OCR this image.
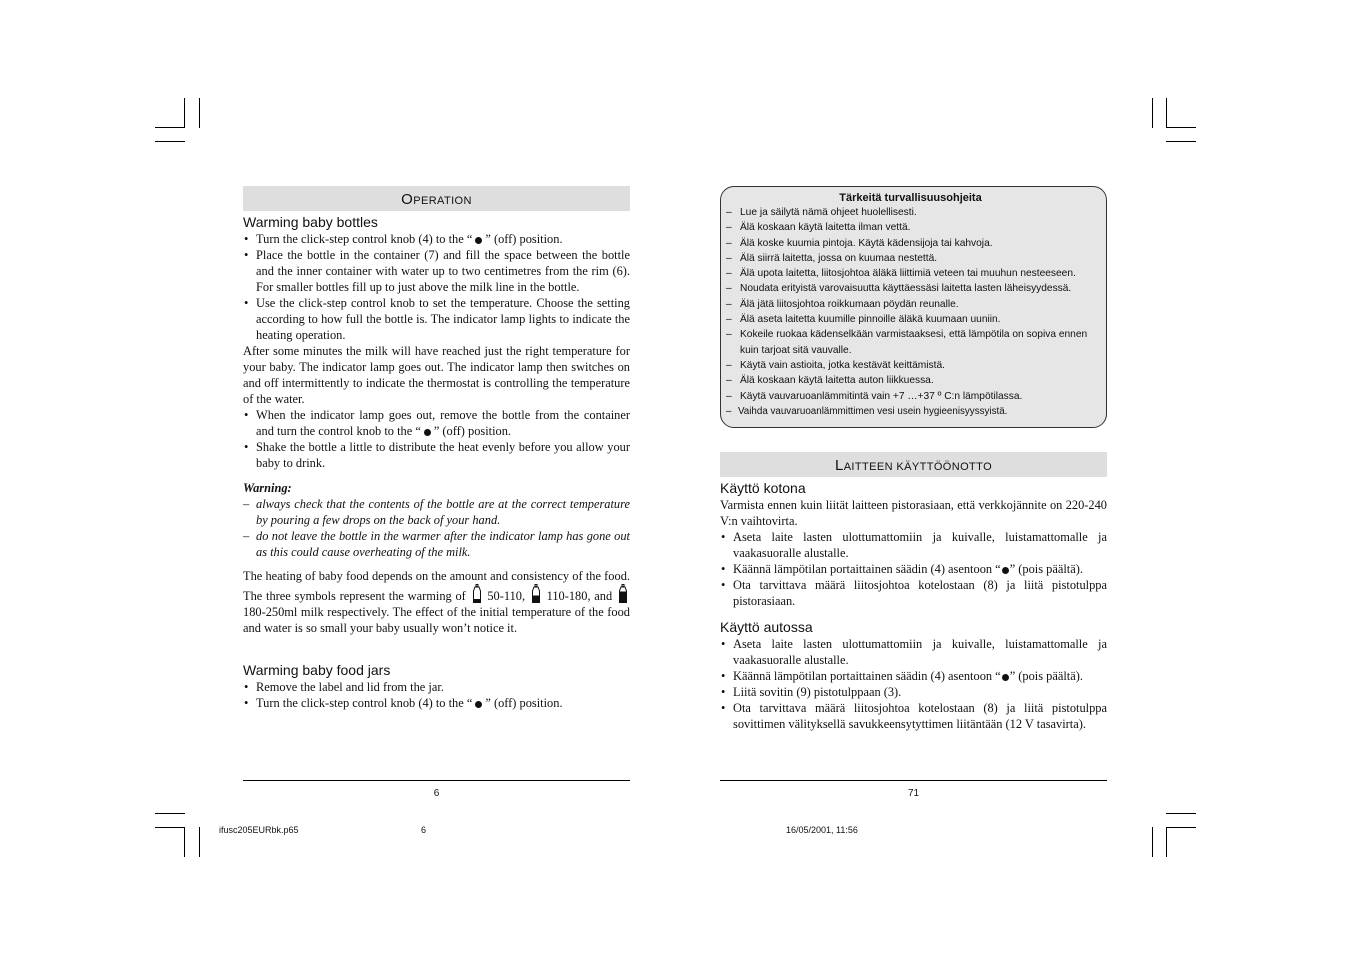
OPERATION
Warming baby bottles
• Turn the click-step control knob (4) to the “ ” (off) position.
• Place the bottle in the container (7) and fill the space between the bottle and the inner container with water up to two centimetres from the rim (6). For smaller bottles fill up to just above the milk line in the bottle.
• Use the click-step control knob to set the temperature. Choose the setting according to how full the bottle is. The indicator lamp lights to indicate the heating operation.

After some minutes the milk will have reached just the right temperature for your baby. The indicator lamp goes out. The indicator lamp then switches on and off intermittently to indicate the thermostat is controlling the temperature of the water.

• When the indicator lamp goes out, remove the bottle from the container and turn the control knob to the “ ” (off) position.
• Shake the bottle a little to distribute the heat evenly before you allow your baby to drink.
Warning:
– always check that the contents of the bottle are at the correct temperature by pouring a few drops on the back of your hand.
– do not leave the bottle in the warmer after the indicator lamp has gone out as this could cause overheating of the milk.

The heating of baby food depends on the amount and consistency of the food. The three symbols represent the warming of 50-110, 110-180, and  180-250ml milk respectively. The effect of the initial temperature of the food and water is so small your baby usually won’t notice it.

Warming baby food jars
• Remove the label and lid from the jar.
• Turn the click-step control knob (4) to the “ ” (off) position.
6
Tärkeitä turvallisuusohjeita
– Lue ja säilytä nämä ohjeet huolellisesti.
– Älä koskaan käytä laitetta ilman vettä.
– Älä koske kuumia pintoja. Käytä kädensijoja tai kahvoja.
– Älä siirrä laitetta, jossa on kuumaa nestettä.
– Älä upota laitetta, liitosjohtoa äläkä liittimiä veteen tai muuhun nesteeseen.
– Noudata erityistä varovaisuutta käyttäessäsi laitetta lasten läheisyydessä.
– Älä jätä liitosjohtoa roikkumaan pöydän reunalle.
– Älä aseta laitetta kuumille pinnoille äläkä kuumaan uuniin.
– Kokeile ruokaa kädenselkään varmistaaksesi, että lämpötila on sopiva ennen kuin tarjoat sitä vauvalle.
– Käytä vain astioita, jotka kestävät keittämistä.
– Älä koskaan käytä laitetta auton liikkuessa.
– Käytä vauvaruoanlämmitintä vain +7 …+37 º C:n lämpötilassa.
– Vaihda vauvaruoanlämmittimen vesi usein hygieenisyyssyistä.
LAITTEEN KÄYTTÖÖNOTTO
Käyttö kotona

Varmista ennen kuin liität laitteen pistorasiaan, että verkkojännite on 220-240 V:n vaihtovirta.

• Aseta laite lasten ulottumattomiin ja kuivalle, luistamattomalle ja vaakasuoralle alustalle.
• Käännä lämpötilan portaittainen säädin (4) asentoon “ ” (pois päältä).
• Ota tarvittava määrä liitosjohtoa kotelostaan (8) ja liitä pistotulppa pistorasiaan.
Käyttö autossa
• Aseta laite lasten ulottumattomiin ja kuivalle, luistamattomalle ja vaakasuoralle alustalle.
• Käännä lämpötilan portaittainen säädin (4) asentoon “ ” (pois päältä).
• Liitä sovitin (9) pistotulppaan (3).
• Ota tarvittava määrä liitosjohtoa kotelostaan (8) ja liitä pistotulppa sovittimen välityksellä savukkeensytyttimen liitäntään (12 V tasavirta).
71
ifusc205EURbk.p65	6	16/05/2001, 11:56
